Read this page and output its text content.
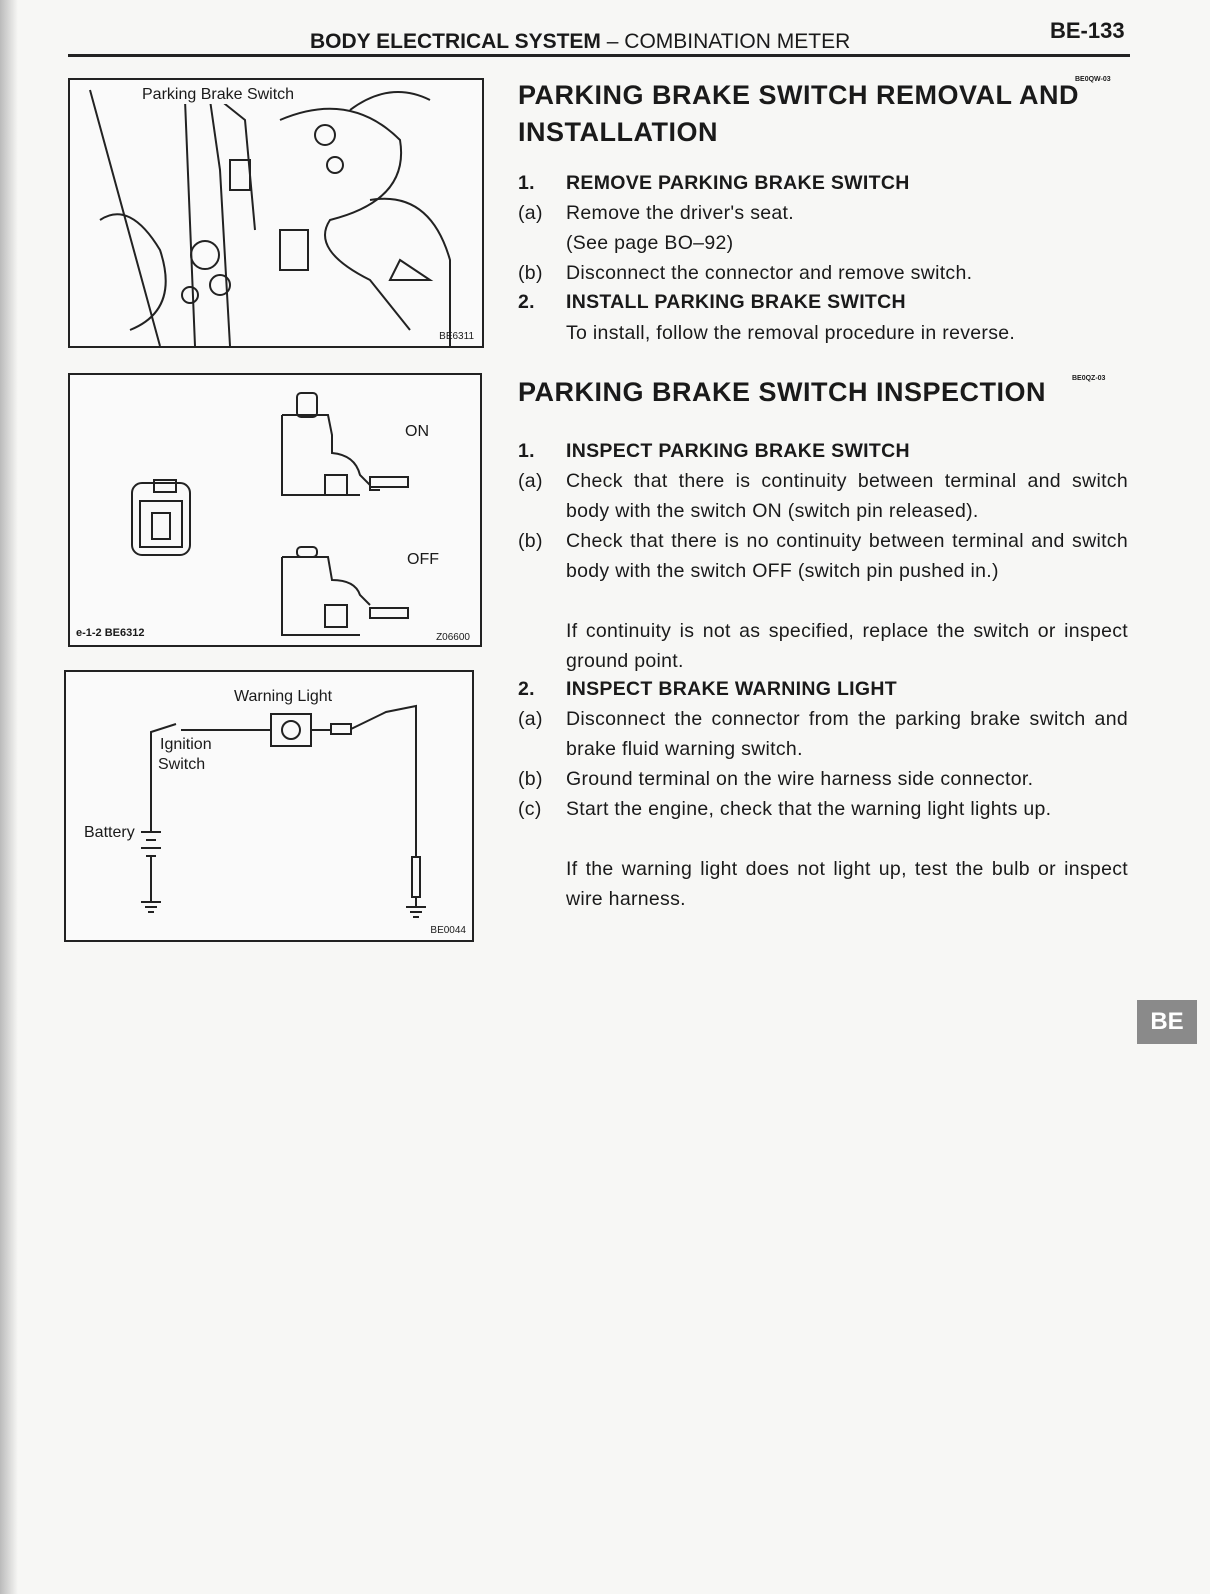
BODY ELECTRICAL SYSTEM – COMBINATION METER	BE-133
Parking Brake Switch
BE6311
ON
OFF
e-1-2 BE6312	Z06600
Warning Light
Ignition
Switch
Battery
BE0044
PARKING BRAKE SWITCH REMOVAL AND
INSTALLATION
BE0QW-03
1. REMOVE PARKING BRAKE SWITCH
(a) Remove the driver's seat.
(See page BO–92)
(b) Disconnect the connector and remove switch.
2. INSTALL PARKING BRAKE SWITCH
To install, follow the removal procedure in reverse.
PARKING BRAKE SWITCH INSPECTION	BE0QZ-03
1. INSPECT PARKING BRAKE SWITCH
(a) Check that there is continuity between terminal and switch body with the switch ON (switch pin released).
(b) Check that there is no continuity between terminal and switch body with the switch OFF (switch pin pushed in.)
If continuity is not as specified, replace the switch or inspect ground point.
2. INSPECT BRAKE WARNING LIGHT
(a) Disconnect the connector from the parking brake switch and brake fluid warning switch.
(b) Ground terminal on the wire harness side connector.
(c) Start the engine, check that the warning light lights up.
If the warning light does not light up, test the bulb or inspect wire harness.
BE
